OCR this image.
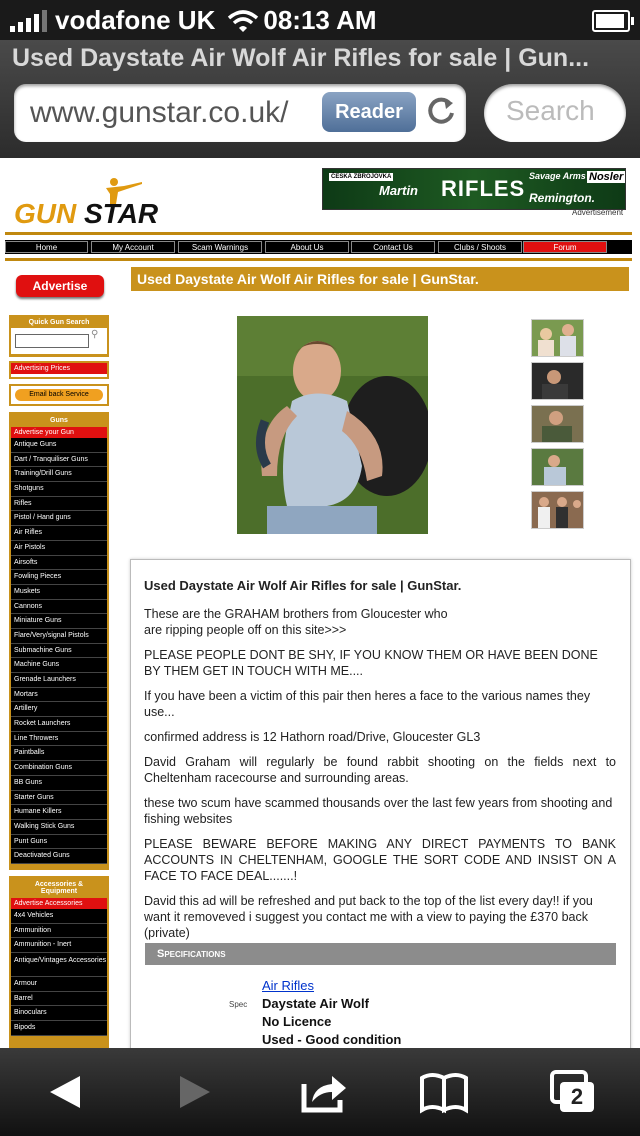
vodafone UK	08:13 AM
Used Daystate Air Wolf Air Rifles for sale | Gun...
www.gunstar.co.uk/	Reader
Search
GUN STAR
ČESKÁ ZBROJOVKA
Martin RIFLES Savage Arms Nosler
Remington.
Advertisement
Home	My Account	Scam Warnings	About Us	Contact Us	Clubs / Shoots	Forum
Advertise
Quick Gun Search
⚲
Advertising Prices
Email back Service
Guns
Advertise your Gun
Antique Guns
Dart / Tranquiliser Guns
Training/Drill Guns
Shotguns
Rifles
Pistol / Hand guns
Air Rifles
Air Pistols
Airsofts
Fowling Pieces
Muskets
Cannons
Miniature Guns
Flare/Very/signal Pistols
Submachine Guns
Machine Guns
Grenade Launchers
Mortars
Artillery
Rocket Launchers
Line Throwers
Paintballs
Combination Guns
BB Guns
Starter Guns
Humane Killers
Walking Stick Guns
Punt Guns
Deactivated Guns
Accessories & Equipment
Advertise Accessories
4x4 Vehicles
Ammunition
Ammunition - Inert
Antique/Vintages Accessories
Armour
Barrel
Binoculars
Bipods
Used Daystate Air Wolf Air Rifles for sale | GunStar.

Used Daystate Air Wolf Air Rifles for sale | GunStar.

These are the GRAHAM brothers from Gloucester who are ripping people off on this site>>>

PLEASE PEOPLE DONT BE SHY, IF YOU KNOW THEM OR HAVE BEEN DONE BY THEM GET IN TOUCH WITH ME....

If you have been a victim of this pair then heres a face to the various names they use...

confirmed address is 12 Hathorn road/Drive, Gloucester GL3

David Graham will regularly be found rabbit shooting on the fields next to Cheltenham racecourse and surrounding areas.

these two scum have scammed thousands over the last few years from shooting and fishing websites

PLEASE BEWARE BEFORE MAKING ANY DIRECT PAYMENTS TO BANK ACCOUNTS IN CHELTENHAM, GOOGLE THE SORT CODE AND INSIST ON A FACE TO FACE DEAL.......!

David this ad will be refreshed and put back to the top of the list every day!! if you want it removeved i suggest you contact me with a view to paying the £370 back (private)

Specifications
Spec
Air Rifles
Daystate Air Wolf
No Licence
Used - Good condition
2
